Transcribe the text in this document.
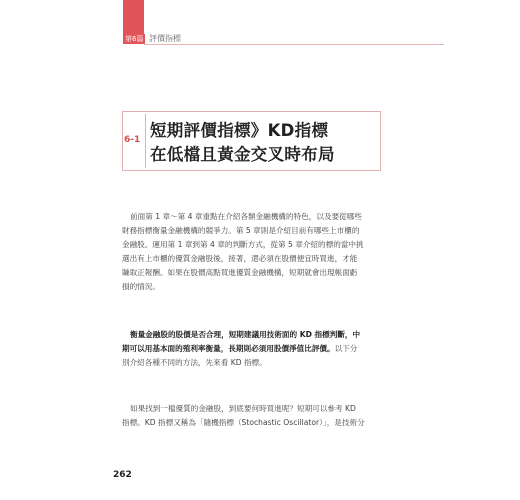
第6篇 評價指標
6-1 短期評價指標》KD指標
在低檔且黃金交叉時布局

前面第 1 章～第 4 章重點在介紹各類金融機構的特色，以及要從哪些

財務指標衡量金融機構的競爭力。第 5 章則是介紹目前有哪些上市櫃的

金融股。運用第 1 章到第 4 章的判斷方式，從第 5 章介紹的標的當中挑

選出有上市櫃的優質金融股後，接著，還必須在股價便宜時買進，才能

賺取正報酬。如果在股價高點買進優質金融機構，短期就會出現帳面虧

損的情況。

衡量金融股的股價是否合理，短期建議用技術面的 KD 指標判斷，中

期可以用基本面的殖利率衡量，長期則必須用股價淨值比評價。以下分

別介紹各種不同的方法，先來看 KD 指標。

如果找到一檔優質的金融股，到底要何時買進呢？短期可以參考 KD

指標。KD 指標又稱為「隨機指標（Stochastic Oscillator）」，是技術分

262
